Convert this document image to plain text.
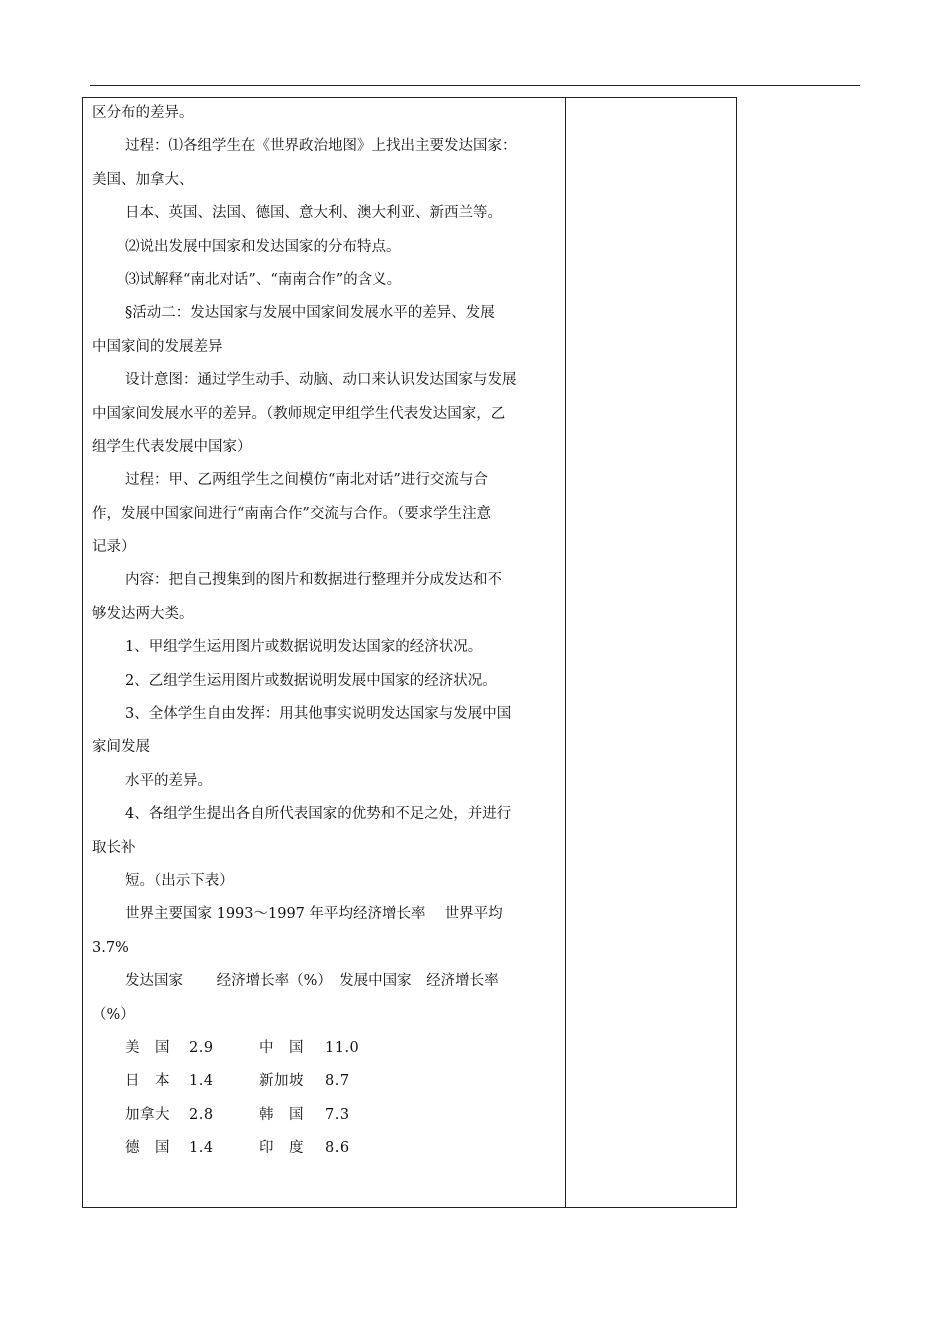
区分布的差异。
过程：⑴各组学生在《世界政治地图》上找出主要发达国家：
美国、加拿大、
日本、英国、法国、德国、意大利、澳大利亚、新西兰等。
⑵说出发展中国家和发达国家的分布特点。
⑶试解释“南北对话”、“南南合作”的含义。
§活动二：发达国家与发展中国家间发展水平的差异、发展
中国家间的发展差异
设计意图：通过学生动手、动脑、动口来认识发达国家与发展
中国家间发展水平的差异。（教师规定甲组学生代表发达国家，乙
组学生代表发展中国家）
过程：甲、乙两组学生之间模仿“南北对话”进行交流与合
作，发展中国家间进行“南南合作”交流与合作。（要求学生注意
记录）
内容：把自己搜集到的图片和数据进行整理并分成发达和不
够发达两大类。
1、甲组学生运用图片或数据说明发达国家的经济状况。
2、乙组学生运用图片或数据说明发展中国家的经济状况。
3、全体学生自由发挥：用其他事实说明发达国家与发展中国
家间发展
水平的差异。
4、各组学生提出各自所代表国家的优势和不足之处，并进行
取长补
短。（出示下表）
世界主要国家 1993～1997 年平均经济增长率　 世界平均
3.7%
发达国家　　 经济增长率（%）　发展中国家　经济增长率
（%）
美　国 2.9	中　国 11.0
日　本 1.4	新加坡 8.7
加拿大 2.8	韩　国 7.3
德　国 1.4	印　度 8.6
